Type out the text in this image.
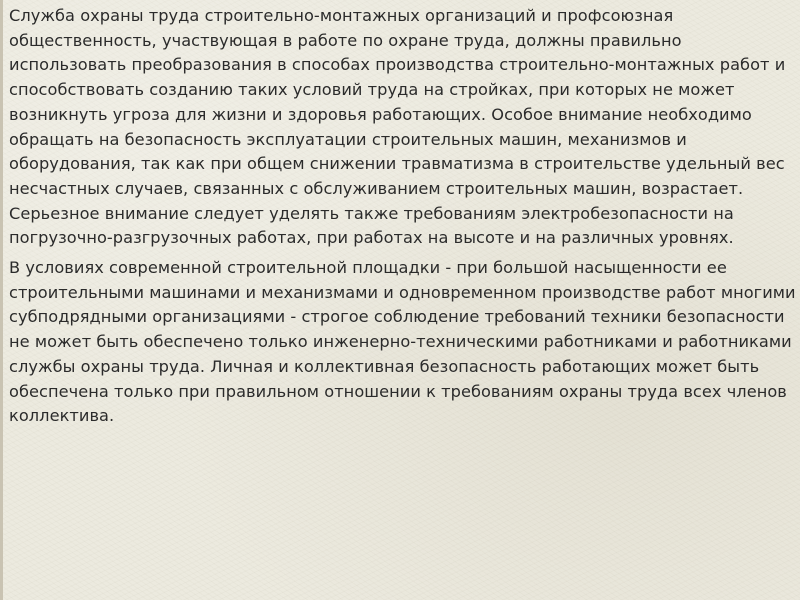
Служба охраны труда строительно-монтажных организаций и профсоюзная общественность, участвующая в работе по охране труда, должны правильно использовать преобразования в способах производства строительно-монтажных работ и способствовать созданию таких условий труда на стройках, при которых не может возникнуть угроза для жизни и здоровья работающих. Особое внимание необходимо обращать на безопасность эксплуатации строительных машин, механизмов и оборудования, так как при общем снижении травматизма в строительстве удельный вес несчастных случаев, связанных с обслуживанием строительных машин, возрастает. Серьезное внимание следует уделять также требованиям электробезопасности на погрузочно-разгрузочных работах, при работах на высоте и на различных уровнях.

В условиях современной строительной площадки - при большой насыщенности ее строительными машинами и механизмами и одновременном производстве работ многими субподрядными организациями - строгое соблюдение требований техники безопасности не может быть обеспечено только инженерно-техническими работниками и работниками службы охраны труда. Личная и коллективная безопасность работающих может быть обеспечена только при правильном отношении к требованиям охраны труда всех членов коллектива.
